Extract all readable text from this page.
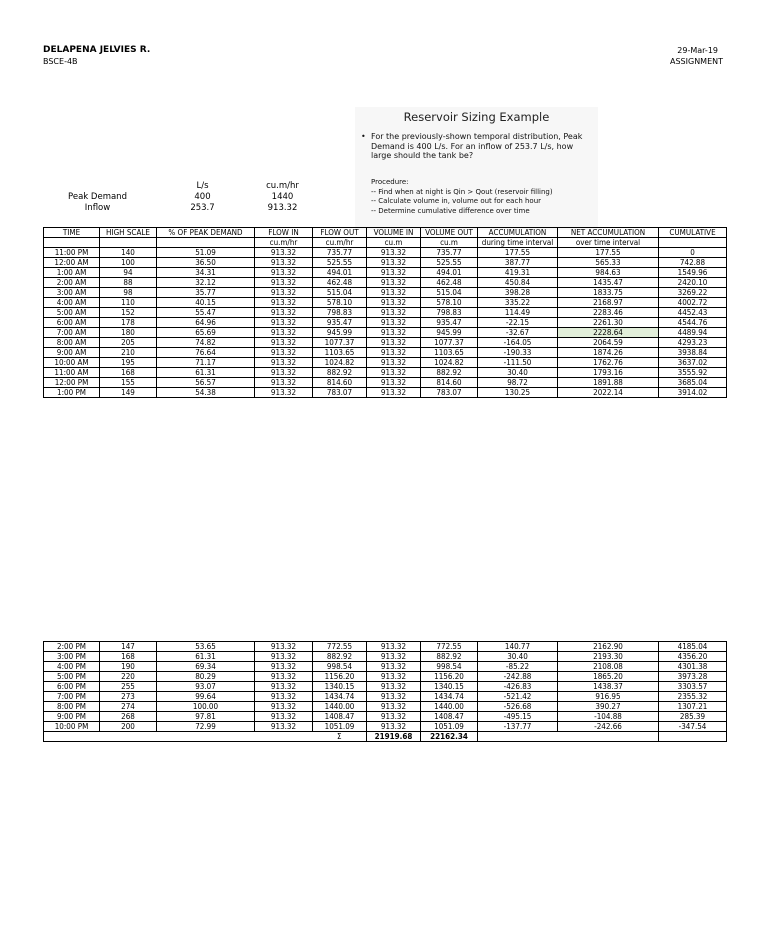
DELAPENA JELVIES R.
BSCE-4B
29-Mar-19
ASSIGNMENT
Reservoir Sizing Example
• For the previously-shown temporal distribution, Peak Demand is 400 L/s. For an inflow of 253.7 L/s, how large should the tank be?
Procedure:
-- Find when at night is Qin > Qout (reservoir filling)
-- Calculate volume in, volume out for each hour
-- Determine cumulative difference over time
L/s	cu.m/hr
Peak Demand	400	1440
Inflow	253.7	913.32
TIME	HIGH SCALE	% OF PEAK DEMAND	FLOW IN	FLOW OUT	VOLUME IN	VOLUME OUT	ACCUMULATION	NET ACCUMULATION	CUMULATIVE
			cu.m/hr	cu.m/hr	cu.m	cu.m	during time interval	over time interval	
11:00 PM	140	51.09	913.32	735.77	913.32	735.77	177.55	177.55	0
12:00 AM	100	36.50	913.32	525.55	913.32	525.55	387.77	565.33	742.88
1:00 AM	94	34.31	913.32	494.01	913.32	494.01	419.31	984.63	1549.96
2:00 AM	88	32.12	913.32	462.48	913.32	462.48	450.84	1435.47	2420.10
3:00 AM	98	35.77	913.32	515.04	913.32	515.04	398.28	1833.75	3269.22
4:00 AM	110	40.15	913.32	578.10	913.32	578.10	335.22	2168.97	4002.72
5:00 AM	152	55.47	913.32	798.83	913.32	798.83	114.49	2283.46	4452.43
6:00 AM	178	64.96	913.32	935.47	913.32	935.47	-22.15	2261.30	4544.76
7:00 AM	180	65.69	913.32	945.99	913.32	945.99	-32.67	2228.64	4489.94
8:00 AM	205	74.82	913.32	1077.37	913.32	1077.37	-164.05	2064.59	4293.23
9:00 AM	210	76.64	913.32	1103.65	913.32	1103.65	-190.33	1874.26	3938.84
10:00 AM	195	71.17	913.32	1024.82	913.32	1024.82	-111.50	1762.76	3637.02
11:00 AM	168	61.31	913.32	882.92	913.32	882.92	30.40	1793.16	3555.92
12:00 PM	155	56.57	913.32	814.60	913.32	814.60	98.72	1891.88	3685.04
1:00 PM	149	54.38	913.32	783.07	913.32	783.07	130.25	2022.14	3914.02
2:00 PM	147	53.65	913.32	772.55	913.32	772.55	140.77	2162.90	4185.04
3:00 PM	168	61.31	913.32	882.92	913.32	882.92	30.40	2193.30	4356.20
4:00 PM	190	69.34	913.32	998.54	913.32	998.54	-85.22	2108.08	4301.38
5:00 PM	220	80.29	913.32	1156.20	913.32	1156.20	-242.88	1865.20	3973.28
6:00 PM	255	93.07	913.32	1340.15	913.32	1340.15	-426.83	1438.37	3303.57
7:00 PM	273	99.64	913.32	1434.74	913.32	1434.74	-521.42	916.95	2355.32
8:00 PM	274	100.00	913.32	1440.00	913.32	1440.00	-526.68	390.27	1307.21
9:00 PM	268	97.81	913.32	1408.47	913.32	1408.47	-495.15	-104.88	285.39
10:00 PM	200	72.99	913.32	1051.09	913.32	1051.09	-137.77	-242.66	-347.54
				Σ	21919.68	22162.34			
